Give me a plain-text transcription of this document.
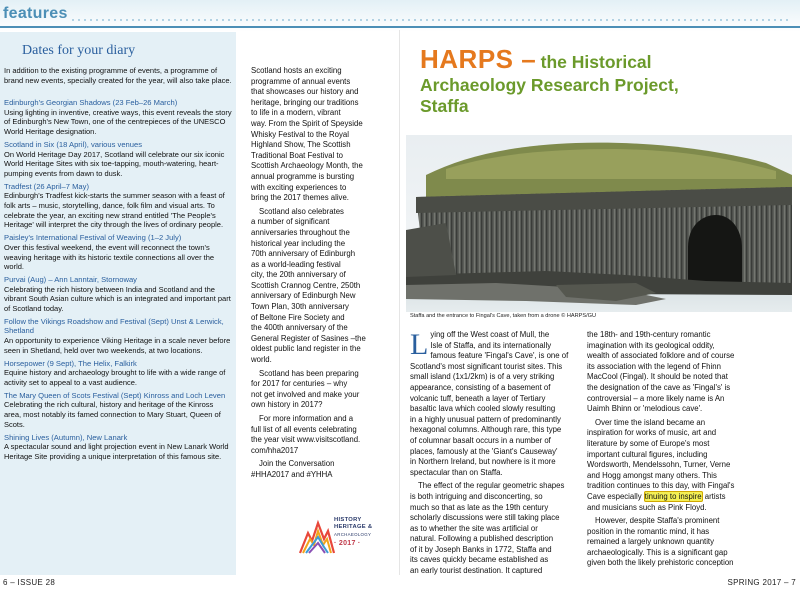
features
Dates for your diary
In addition to the existing programme of events, a programme of brand new events, specially created for the year, will also take place.
Edinburgh's Georgian Shadows (23 Feb–26 March)
Using lighting in inventive, creative ways, this event reveals the story of Edinburgh's New Town, one of the centrepieces of the UNESCO World Heritage designation.
Scotland in Six (18 April), various venues
On World Heritage Day 2017, Scotland will celebrate our six iconic World Heritage Sites with six toe-tapping, mouth-watering, heart-pumping events from dawn to dusk.
Tradfest (26 April–7 May)
Edinburgh's Tradfest kick-starts the summer season with a feast of folk arts – music, storytelling, dance, folk film and visual arts. To celebrate the year, an exciting new strand entitled 'The People's Heritage' will interpret the city through the lives of ordinary people.
Paisley's International Festival of Weaving (1–2 July)
Over this festival weekend, the event will reconnect the town's weaving heritage with its historic textile connections all over the world.
Purvai (Aug) – Ann Lanntair, Stornoway
Celebrating the rich history between India and Scotland and the vibrant South Asian culture which is an integrated and important part of Scotland today.
Follow the Vikings Roadshow and Festival (Sept) Unst & Lerwick, Shetland
An opportunity to experience Viking Heritage in a scale never before seen in Shetland, held over two weekends, at two locations.
Horsepower (9 Sept), The Helix, Falkirk
Equine history and archaeology brought to life with a wide range of activity set to appeal to a vast audience.
The Mary Queen of Scots Festival (Sept) Kinross and Loch Leven
Celebrating the rich cultural, history and heritage of the Kinross area, most notably its famed connection to Mary Stuart, Queen of Scots.
Shining Lives (Autumn), New Lanark
A spectacular sound and light projection event in New Lanark World Heritage Site providing a unique interpretation of this famous site.

Scotland hosts an exciting
programme of annual events
that showcases our history and
heritage, bringing our traditions
to life in a modern, vibrant
way. From the Spirit of Speyside
Whisky Festival to the Royal
Highland Show, The Scottish
Traditional Boat Festival to
Scottish Archaeology Month, the
annual programme is bursting
with exciting experiences to
bring the 2017 themes alive.

Scotland also celebrates
a number of significant
anniversaries throughout the
historical year including the
70th anniversary of Edinburgh
as a world-leading festival
city, the 20th anniversary of
Scottish Crannog Centre, 250th
anniversary of Edinburgh New
Town Plan, 30th anniversary
of Beltone Fire Society and
the 400th anniversary of the
General Register of Sasines –the
oldest public land register in the
world.

Scotland has been preparing
for 2017 for centuries – why
not get involved and make your
own history in 2017?

For more information and a
full list of all events celebrating
the year visit www.visitscotland.
com/hha2017

Join the Conversation
#HHA2017 and #YHHA

HISTORY
HERITAGE &
ARCHAEOLOGY
· 2017 ·
HARPS – the Historical
Archaeology Research Project,
Staffa
Staffa and the entrance to Fingal's Cave, taken from a drone © HARPS/GU

Lying off the West coast of Mull, the
Isle of Staffa, and its internationally
famous feature 'Fingal's Cave', is one of
Scotland's most significant tourist sites. This
small island (1x1/2km) is of a very striking
appearance, consisting of a basement of
volcanic tuff, beneath a layer of Tertiary
basaltic lava which cooled slowly resulting
in a highly unusual pattern of predominantly
hexagonal columns. Although rare, this type
of columnar basalt occurs in a number of
places, famously at the 'Giant's Causeway'
in Northern Ireland, but nowhere is it more
spectacular than on Staffa.

The effect of the regular geometric shapes
is both intriguing and disconcerting, so
much so that as late as the 19th century
scholarly discussions were still taking place
as to whether the site was artificial or
natural. Following a published description
of it by Joseph Banks in 1772, Staffa and
its caves quickly became established as
an early tourist destination. It captured

the 18th- and 19th-century romantic
imagination with its geological oddity,
wealth of associated folklore and of course
its association with the legend of Fhinn
MacCool (Fingal). It should be noted that
the designation of the cave as 'Fingal's' is
controversial – a more likely name is An
Uaimh Bhinn or 'melodious cave'.

Over time the island became an
inspiration for works of music, art and
literature by some of Europe's most
important cultural figures, including
Wordsworth, Mendelssohn, Turner, Verne
and Hogg amongst many others. This
tradition continues to this day, with Fingal's
Cave especially tinuing to inspire artists
and musicians such as Pink Floyd.

However, despite Staffa's prominent
position in the romantic mind, it has
remained a largely unknown quantity
archaeologically. This is a significant gap
given both the likely prehistoric conception

6 – ISSUE 28	SPRING 2017 – 7
